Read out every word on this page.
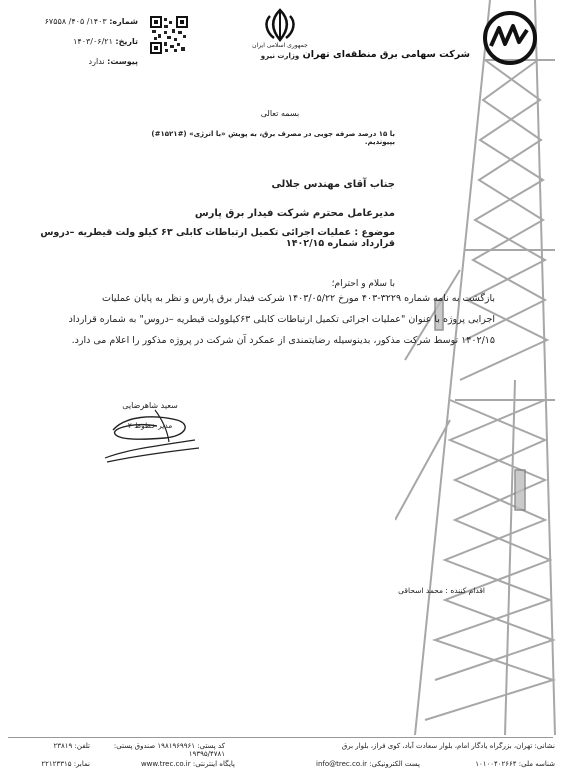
شرکت سهامی برق منطقه‌ای تهران
جمهوری اسلامی ایران
وزارت نیرو
شماره: ۱۴۰۳/ ۴۰۵/ ۶۷۵۵۸
تاریخ: ۱۴۰۳/۰۶/۲۱
پیوست: ندارد
بسمه تعالی
با ۱۵ درصد صرفه جویی در مصرف برق، به پویش «با انرژی» (#۱۵۲۱#) بپیوندیم.
جناب آقای مهندس جلالی
مدیرعامل محترم شرکت فیدار برق پارس
موضوع : عملیات اجرائی تکمیل ارتباطات کابلی ۶۳ کیلو ولت قیطریه –دروس قرارداد شماره ۱۴۰۲/۱۵
با سلام و احترام؛
بازگشت به نامه شماره ۳۲۲۹-۴۰۳ مورخ ۱۴۰۳/۰۵/۲۲ شرکت فیدار برق پارس و نظر به پایان عملیات
اجرایی پروژه با عنوان "عملیات اجرائی تکمیل ارتباطات کابلی ۶۳کیلوولت قیطریه –دروس" به شماره قرارداد
۱۴۰۲/۱۵ توسط شرکت مذکور، بدینوسیله رضایتمندی از عمکرد آن شرکت در پروژه مذکور را اعلام می دارد.
سعید شاهرضایی
مدیر خطوط ۲
اقدام کننده : محمد اسحاقی
نشانی: تهران، بزرگراه یادگار امام، بلوار سعادت آباد، کوی فراز، بلوار برق
کد پستی: ۱۹۸۱۹۶۹۹۶۱ صندوق پستی: ۱۹۳۹۵/۴۷۸۱
تلفن: ۲۳۸۱۹
شناسه ملی: ۱۰۱۰۰۴۰۲۶۶۴
پست الکترونیکی: info@trec.co.ir
پایگاه اینترنتی: www.trec.co.ir
نمابر: ۲۲۱۲۳۳۱۵
